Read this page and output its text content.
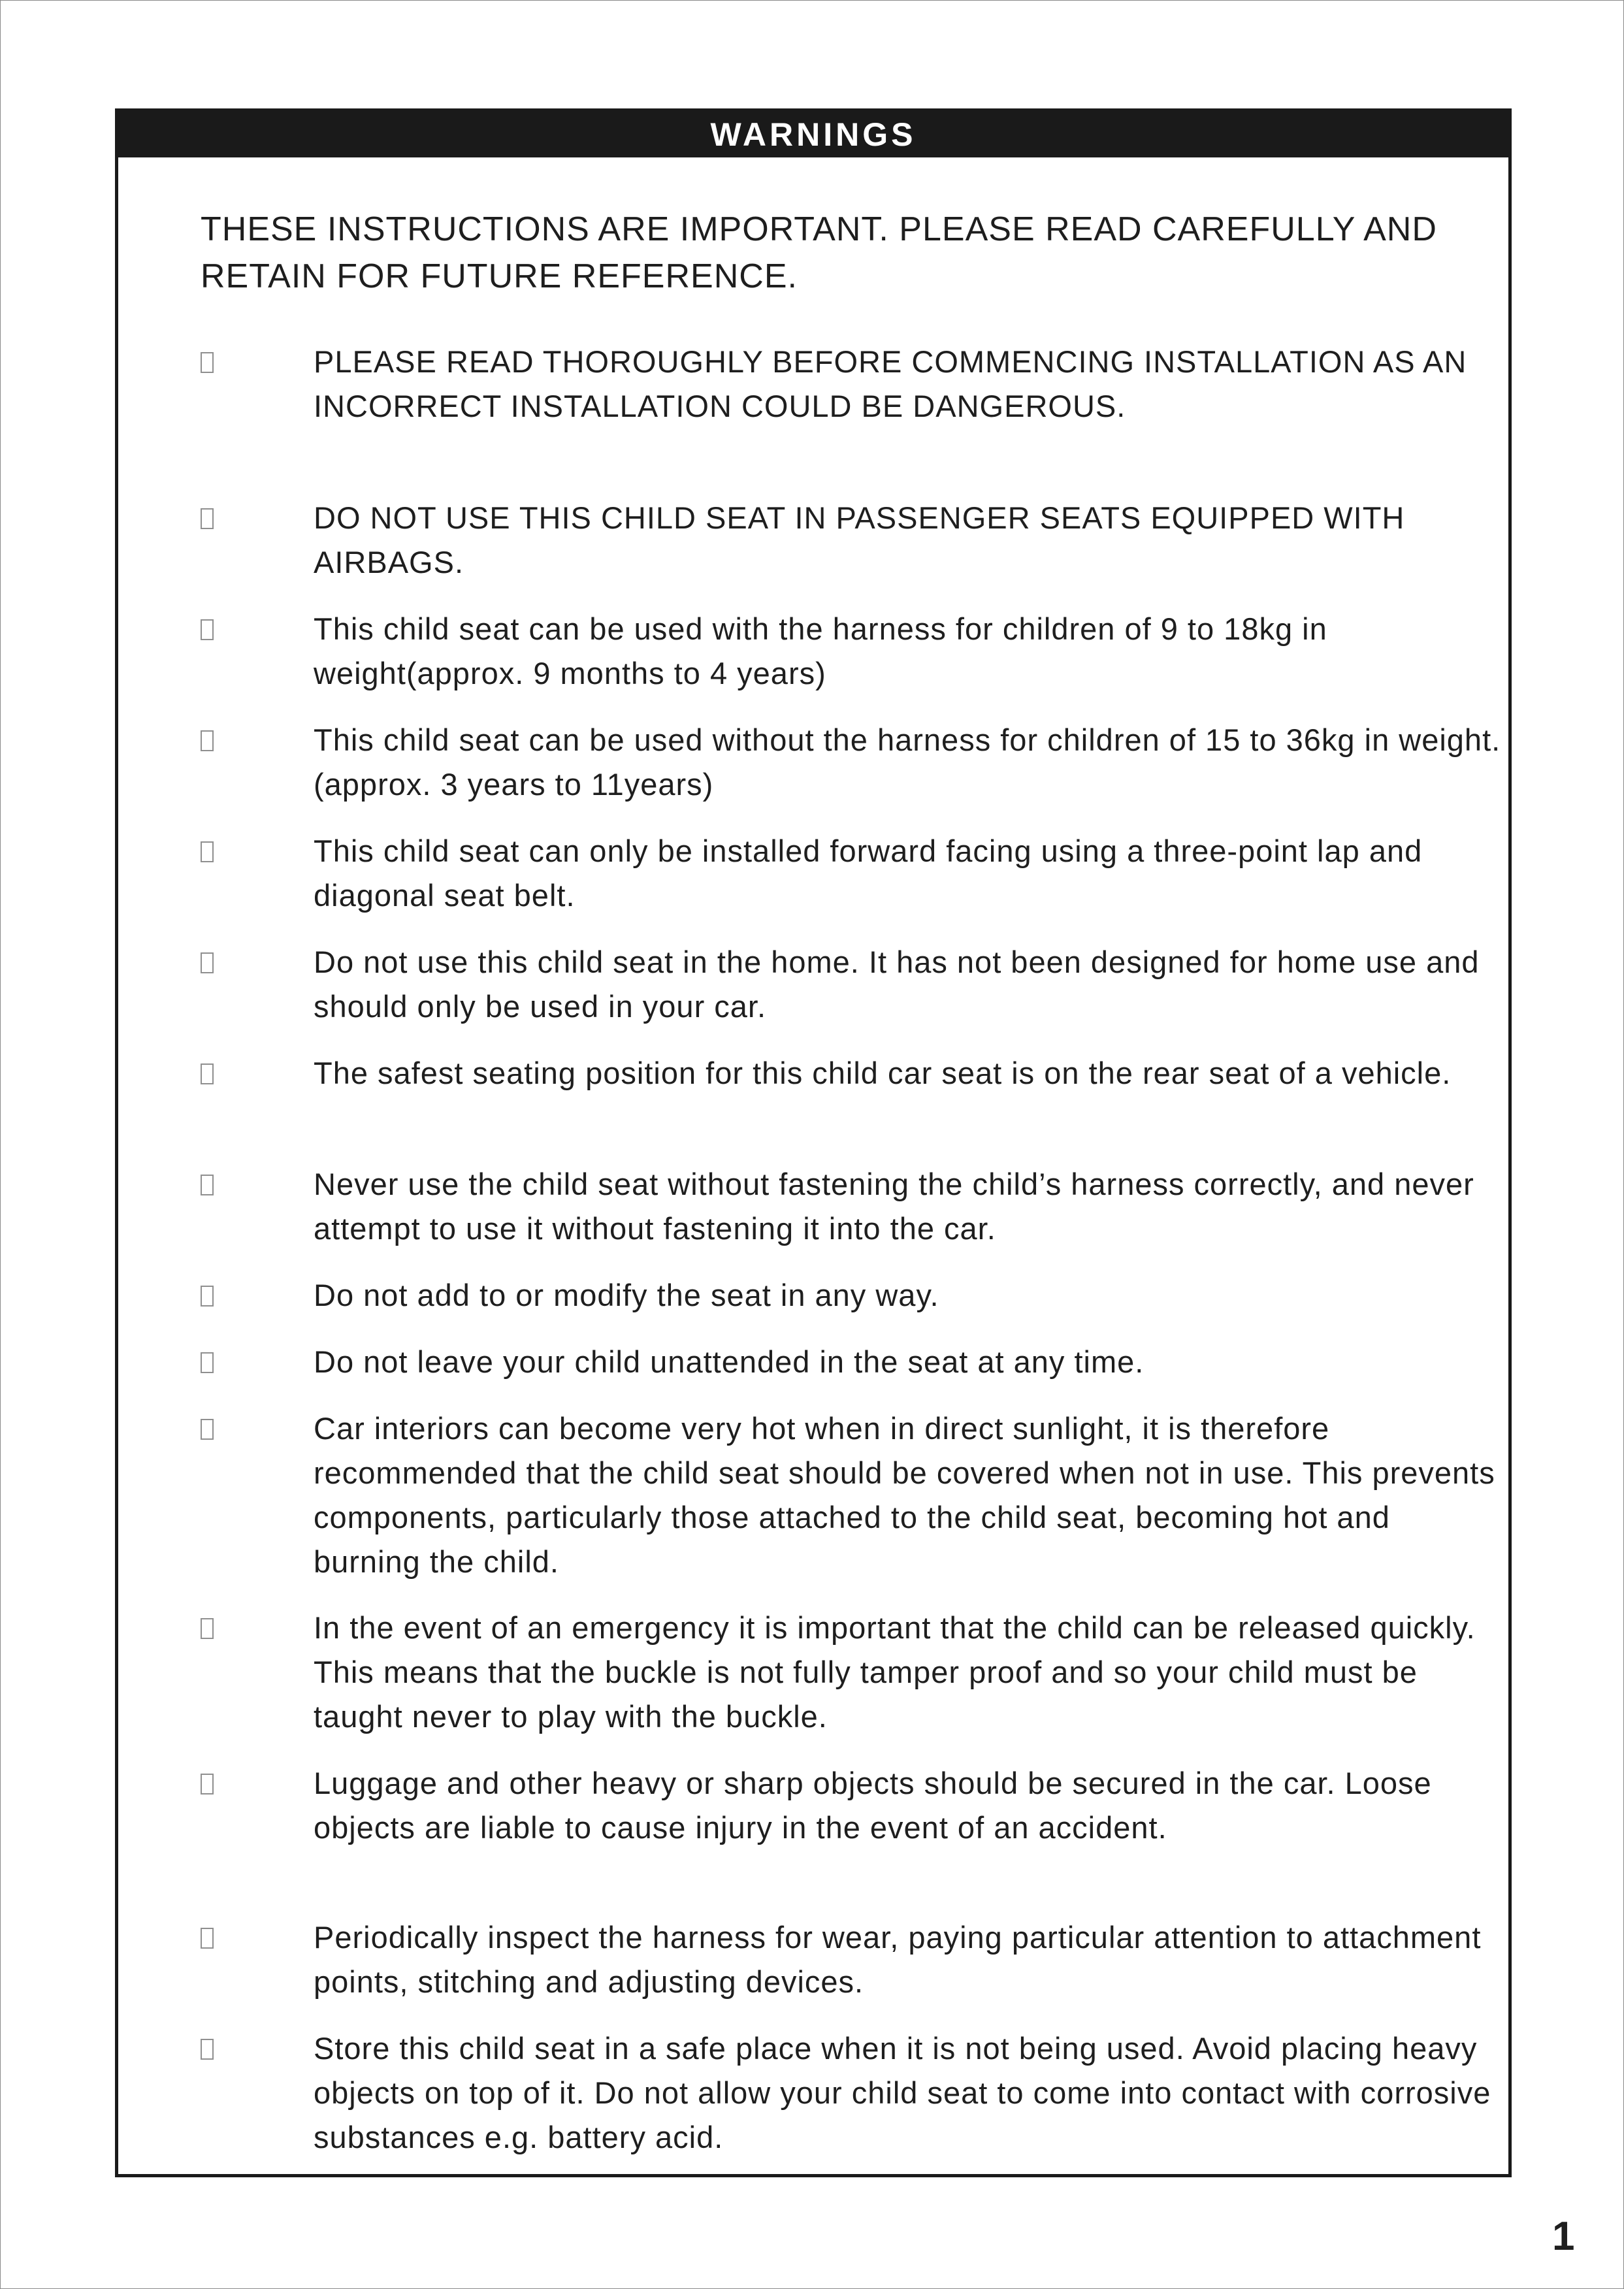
WARNINGS

THESE INSTRUCTIONS ARE IMPORTANT. PLEASE READ CAREFULLY AND RETAIN FOR FUTURE REFERENCE.

PLEASE READ THOROUGHLY BEFORE COMMENCING INSTALLATION AS AN INCORRECT INSTALLATION COULD BE DANGEROUS.
DO NOT USE THIS CHILD SEAT IN PASSENGER SEATS EQUIPPED WITH AIRBAGS.
This child seat can be used with the harness for children of 9 to 18kg in weight(approx. 9 months to 4 years)
This child seat can be used without the harness for children of 15 to 36kg in weight.(approx. 3 years to 11years)
This child seat can only be installed forward facing using a three-point lap and diagonal seat belt.
Do not use this child seat in the home. It has not been designed for home use and should only be used in your car.
The safest seating position for this child car seat is on the rear seat of a vehicle.
Never use the child seat without fastening the child’s harness correctly, and never attempt to use it without fastening it into the car.
Do not add to or modify the seat in any way.
Do not leave your child unattended in the seat at any time.
Car interiors can become very hot when in direct sunlight, it is therefore recommended that the child seat should be covered when not in use. This prevents components, particularly those attached to the child seat, becoming hot and burning the child.
In the event of an emergency it is important that the child can be released quickly. This means that the buckle is not fully tamper proof and so your child must be taught never to play with the buckle.
Luggage and other heavy or sharp objects should be secured in the car. Loose objects are liable to cause injury in the event of an accident.
Periodically inspect the harness for wear, paying particular attention to attachment points, stitching and adjusting devices.
Store this child seat in a safe place when it is not being used. Avoid placing heavy objects on top of it. Do not allow your child seat to come into contact with corrosive substances e.g. battery acid.
1
